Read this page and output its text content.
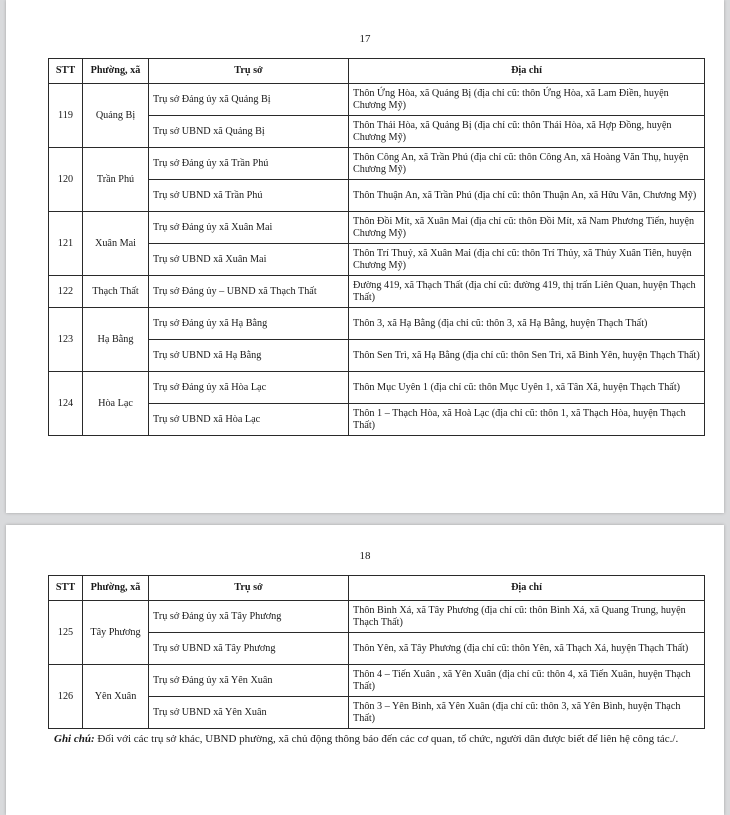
17
STT	Phường, xã	Trụ sở	Địa chỉ
119	Quảng Bị	Trụ sở Đảng ủy xã Quảng Bị	Thôn Ứng Hòa, xã Quảng Bị (địa chỉ cũ: thôn Ứng Hòa, xã Lam Điền, huyện Chương Mỹ)
		Trụ sở UBND xã Quảng Bị	Thôn Thái Hòa, xã Quảng Bị (địa chỉ cũ: thôn Thái Hòa, xã Hợp Đồng, huyện Chương Mỹ)
120	Trần Phú	Trụ sở Đảng ủy xã Trần Phú	Thôn Công An, xã Trần Phú (địa chỉ cũ: thôn Công An, xã Hoàng Văn Thụ, huyện Chương Mỹ)
		Trụ sở UBND xã Trần Phú	Thôn Thuận An, xã Trần Phú (địa chỉ cũ: thôn Thuận An, xã Hữu Văn, Chương Mỹ)
121	Xuân Mai	Trụ sở Đảng ủy xã Xuân Mai	Thôn Đồi Mít, xã Xuân Mai (địa chỉ cũ: thôn Đồi Mít, xã Nam Phương Tiến, huyện Chương Mỹ)
		Trụ sở UBND xã Xuân Mai	Thôn Trí Thuỷ, xã Xuân Mai (địa chỉ cũ: thôn Trí Thủy, xã Thủy Xuân Tiên, huyện Chương Mỹ)
122	Thạch Thất	Trụ sở Đảng ủy – UBND xã Thạch Thất	Đường 419, xã Thạch Thất (địa chỉ cũ: đường 419, thị trấn Liên Quan, huyện Thạch Thất)
123	Hạ Bằng	Trụ sở Đảng ủy xã Hạ Bằng	Thôn 3, xã Hạ Bằng (địa chỉ cũ: thôn 3, xã Hạ Bằng, huyện Thạch Thất)
		Trụ sở UBND xã Hạ Bằng	Thôn Sen Trì, xã Hạ Bằng (địa chỉ cũ: thôn Sen Trì, xã Bình Yên, huyện Thạch Thất)
124	Hòa Lạc	Trụ sở Đảng ủy xã Hòa Lạc	Thôn Mục Uyên 1 (địa chỉ cũ: thôn Mục Uyên 1, xã Tân Xã, huyện Thạch Thất)
		Trụ sở UBND xã Hòa Lạc	Thôn 1 – Thạch Hòa, xã Hoà Lạc (địa chỉ cũ: thôn 1, xã Thạch Hòa, huyện Thạch Thất)
18
STT	Phường, xã	Trụ sở	Địa chỉ
125	Tây Phương	Trụ sở Đảng ủy xã Tây Phương	Thôn Bình Xá, xã Tây Phương (địa chỉ cũ: thôn Bình Xá, xã Quang Trung, huyện Thạch Thất)
		Trụ sở UBND xã Tây Phương	Thôn Yên, xã Tây Phương (địa chỉ cũ: thôn Yên, xã Thạch Xá, huyện Thạch Thất)
126	Yên Xuân	Trụ sở Đảng ủy xã Yên Xuân	Thôn 4 – Tiến Xuân , xã Yên Xuân (địa chỉ cũ: thôn 4, xã Tiến Xuân, huyện Thạch Thất)
		Trụ sở UBND xã Yên Xuân	Thôn 3 – Yên Bình, xã Yên Xuân (địa chỉ cũ: thôn 3, xã Yên Bình, huyện Thạch Thất)
Ghi chú: Đối với các trụ sở khác, UBND phường, xã chủ động thông báo đến các cơ quan, tổ chức, người dân được biết để liên hệ công tác./.
